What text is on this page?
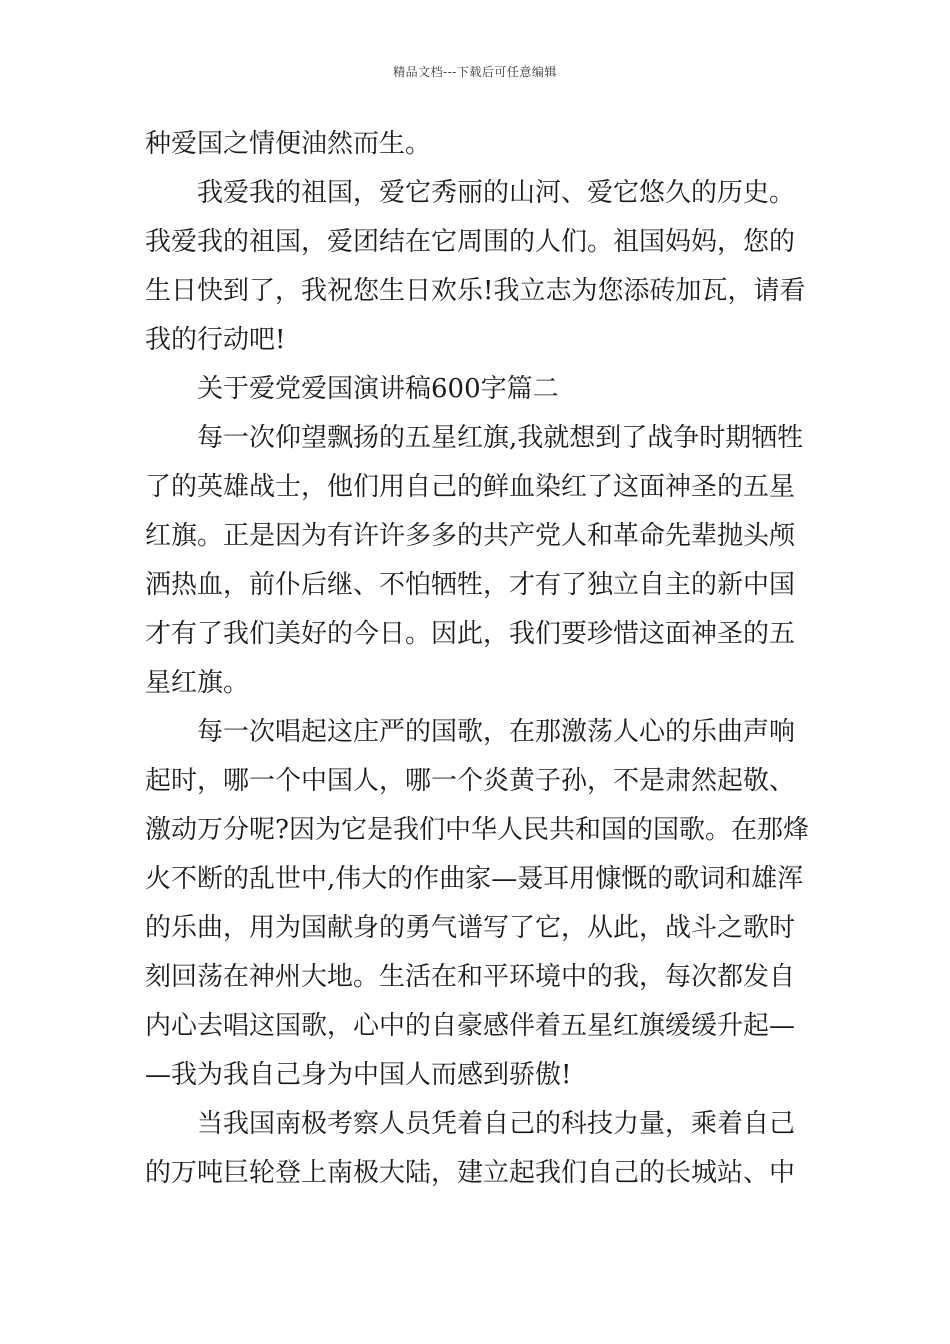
精品文档---下载后可任意编辑
种爱国之情便油然而生。
我爱我的祖国，爱它秀丽的山河、爱它悠久的历史。
我爱我的祖国，爱团结在它周围的人们。祖国妈妈，您的
生日快到了，我祝您生日欢乐!我立志为您添砖加瓦，请看
我的行动吧!
关于爱党爱国演讲稿600字篇二
每一次仰望飘扬的五星红旗,我就想到了战争时期牺牲
了的英雄战士，他们用自己的鲜血染红了这面神圣的五星
红旗。正是因为有许许多多的共产党人和革命先辈抛头颅
洒热血，前仆后继、不怕牺牲，才有了独立自主的新中国
才有了我们美好的今日。因此，我们要珍惜这面神圣的五
星红旗。
每一次唱起这庄严的国歌，在那激荡人心的乐曲声响
起时，哪一个中国人，哪一个炎黄子孙，不是肃然起敬、
激动万分呢?因为它是我们中华人民共和国的国歌。在那烽
火不断的乱世中,伟大的作曲家—聂耳用慷慨的歌词和雄浑
的乐曲，用为国献身的勇气谱写了它，从此，战斗之歌时
刻回荡在神州大地。生活在和平环境中的我，每次都发自
内心去唱这国歌，心中的自豪感伴着五星红旗缓缓升起—
—我为我自己身为中国人而感到骄傲!
当我国南极考察人员凭着自己的科技力量，乘着自己
的万吨巨轮登上南极大陆，建立起我们自己的长城站、中
